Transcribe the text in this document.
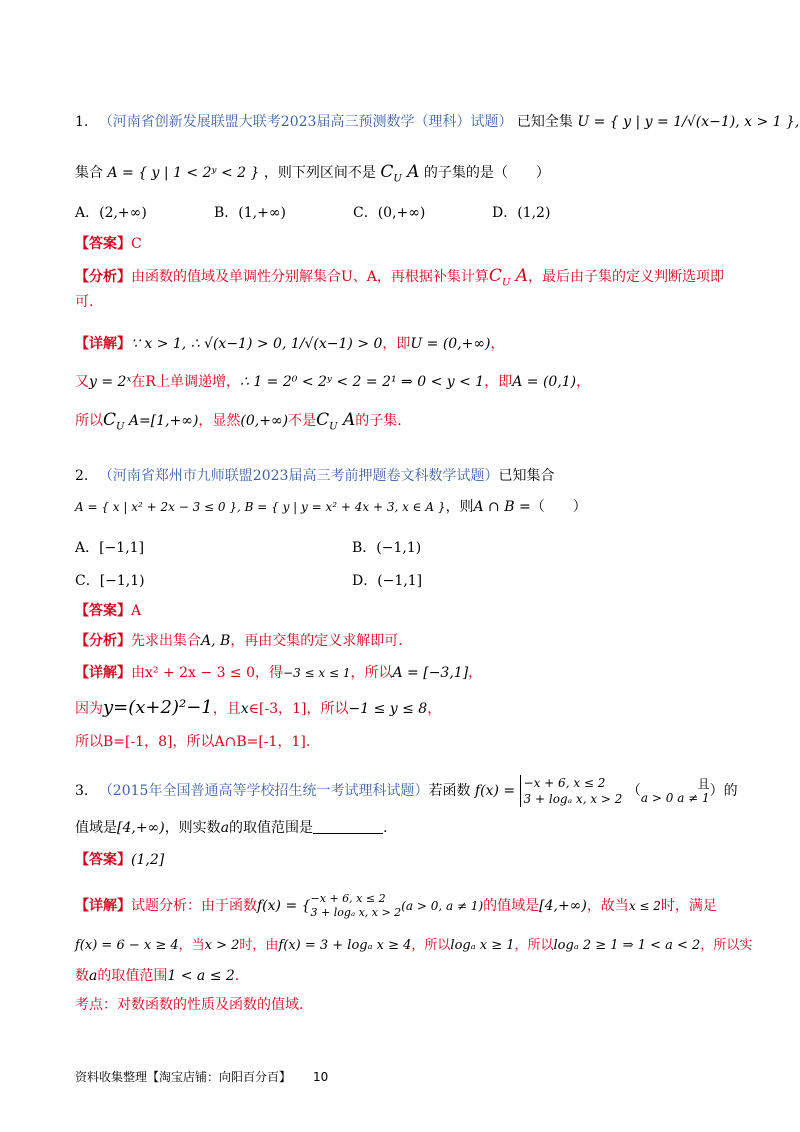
1. （河南省创新发展联盟大联考2023届高三预测数学（理科）试题） 已知全集 U = { y | y = 1/√(x−1), x > 1 },
集合 A = { y | 1 < 2ʸ < 2 } ，则下列区间不是 $C_U$ A 的子集的是（　　）
A．(2,+∞)	B．(1,+∞)	C．(0,+∞)	D．(1,2)
【答案】C
【分析】由函数的值域及单调性分别解集合U、A，再根据补集计算$C_U$ A，最后由子集的定义判断选项即
可.
【详解】∵ x > 1, ∴ √(x−1) > 0, 1/√(x−1) > 0，即U = (0,+∞)，
又y = 2ˣ在R上单调递增，∴ 1 = 2⁰ < 2ʸ < 2 = 2¹ ⇒ 0 < y < 1，即A = (0,1)，
所以$C_U$ A=[1,+∞)，显然(0,+∞)不是$C_U$ A的子集.
2. （河南省郑州市九师联盟2023届高三考前押题卷文科数学试题）已知集合
A = { x | x² + 2x − 3 ≤ 0 }, B = { y | y = x² + 4x + 3, x ∈ A }，则A ∩ B =（　　）
A．[−1,1]	B．(−1,1)
C．[−1,1)	D．(−1,1]
【答案】A
【分析】先求出集合A, B，再由交集的定义求解即可.
【详解】由x² + 2x − 3 ≤ 0，得−3 ≤ x ≤ 1，所以A = [−3,1]，
因为y=(x+2)²−1，且x∈[-3，1]，所以−1 ≤ y ≤ 8，
所以B=[-1，8]，所以A∩B=[-1，1].
3. （2015年全国普通高等学校招生统一考试理科试题）若函数 f(x) = −x + 6, x ≤ 2
3 + logₐ x, x > 2 （	且
a > 0 a ≠ 1）的
值域是[4,+∞)，则实数a的取值范围是	.
【答案】(1,2]
【详解】试题分析：由于函数f(x) = { −x + 6, x ≤ 2
3 + logₐ x, x > 2 (a > 0, a ≠ 1)的值域是[4,+∞)，故当x ≤ 2时，满足
f(x) = 6 − x ≥ 4，当x > 2时，由f(x) = 3 + logₐ x ≥ 4，所以logₐ x ≥ 1，所以logₐ 2 ≥ 1 ⇒ 1 < a < 2，所以实
数a的取值范围1 < a ≤ 2.
考点：对数函数的性质及函数的值域.
资料收集整理【淘宝店铺：向阳百分百】 10
